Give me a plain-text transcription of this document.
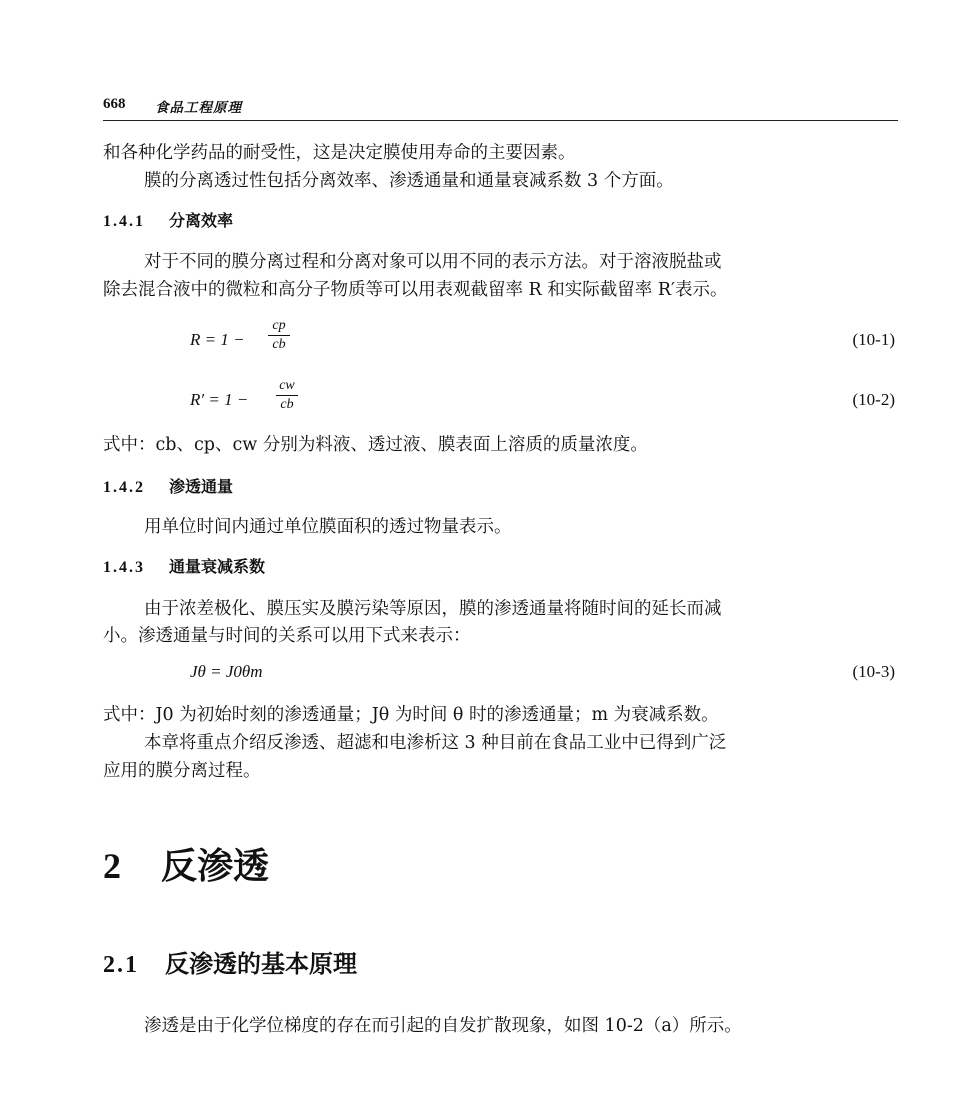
668 食品工程原理
和各种化学药品的耐受性，这是决定膜使用寿命的主要因素。
膜的分离透过性包括分离效率、渗透通量和通量衰减系数 3 个方面。
1.4.1 分离效率
对于不同的膜分离过程和分离对象可以用不同的表示方法。对于溶液脱盐或
除去混合液中的微粒和高分子物质等可以用表观截留率 R 和实际截留率 R′表示。
R = 1 −
cp
cb	(10-1)
R′ = 1 −
cw
cb	(10-2)
式中：cb、cp、cw 分别为料液、透过液、膜表面上溶质的质量浓度。
1.4.2 渗透通量
用单位时间内通过单位膜面积的透过物量表示。
1.4.3 通量衰减系数
由于浓差极化、膜压实及膜污染等原因，膜的渗透通量将随时间的延长而减
小。渗透通量与时间的关系可以用下式来表示：
Jθ = J0θm	(10-3)
式中：J0 为初始时刻的渗透通量；Jθ 为时间 θ 时的渗透通量；m 为衰减系数。
本章将重点介绍反渗透、超滤和电渗析这 3 种目前在食品工业中已得到广泛
应用的膜分离过程。
2 反渗透
2.1 反渗透的基本原理
渗透是由于化学位梯度的存在而引起的自发扩散现象，如图 10-2（a）所示。
